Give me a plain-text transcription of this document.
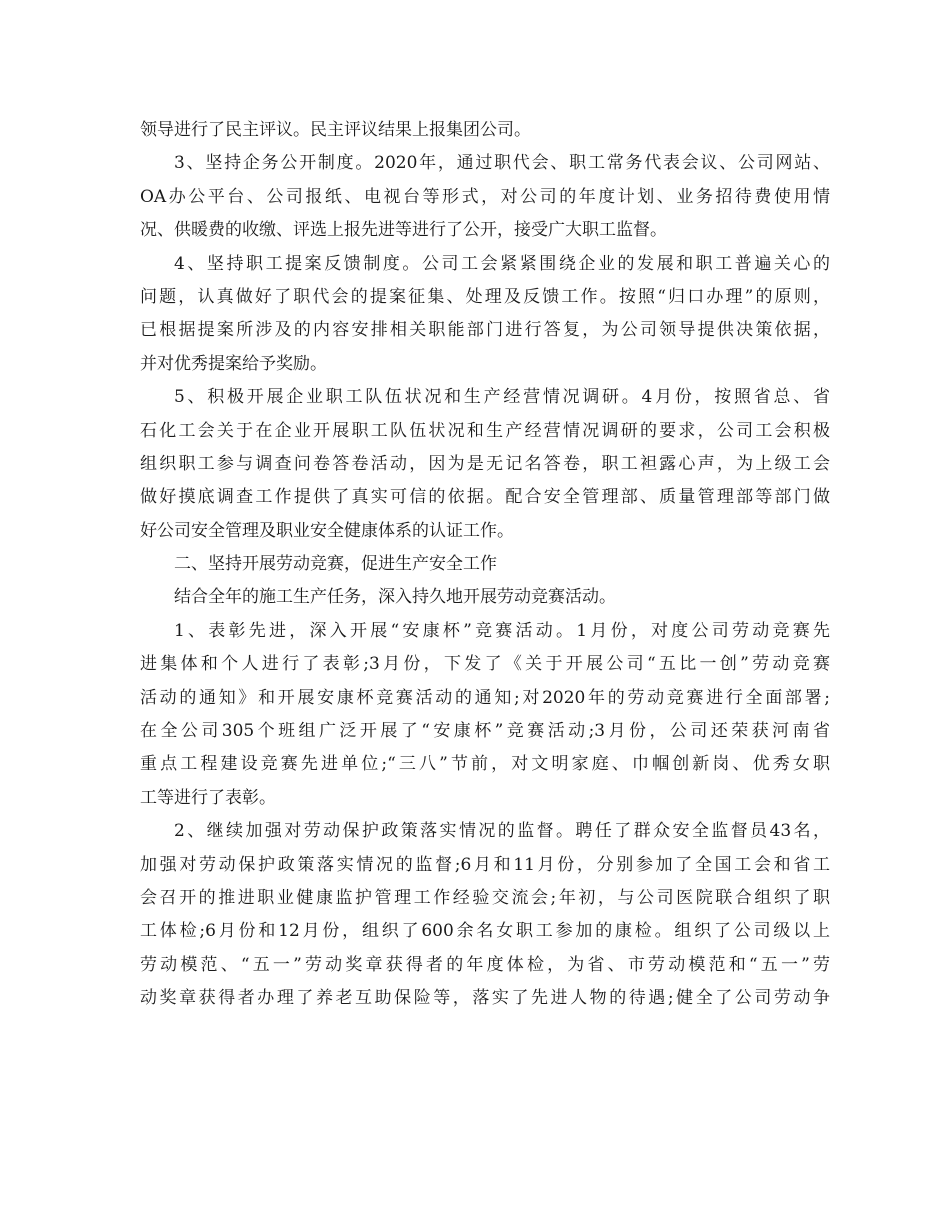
领导进行了民主评议。民主评议结果上报集团公司。
3、坚持企务公开制度。2020年，通过职代会、职工常务代表会议、公司网站、
OA办公平台、公司报纸、电视台等形式，对公司的年度计划、业务招待费使用情
况、供暖费的收缴、评选上报先进等进行了公开，接受广大职工监督。
4、坚持职工提案反馈制度。公司工会紧紧围绕企业的发展和职工普遍关心的
问题，认真做好了职代会的提案征集、处理及反馈工作。按照“归口办理”的原则，
已根据提案所涉及的内容安排相关职能部门进行答复，为公司领导提供决策依据，
并对优秀提案给予奖励。
5、积极开展企业职工队伍状况和生产经营情况调研。4月份，按照省总、省
石化工会关于在企业开展职工队伍状况和生产经营情况调研的要求，公司工会积极
组织职工参与调查问卷答卷活动，因为是无记名答卷，职工袒露心声，为上级工会
做好摸底调查工作提供了真实可信的依据。配合安全管理部、质量管理部等部门做
好公司安全管理及职业安全健康体系的认证工作。
二、坚持开展劳动竞赛，促进生产安全工作
结合全年的施工生产任务，深入持久地开展劳动竞赛活动。
1、表彰先进，深入开展“安康杯”竞赛活动。1月份，对度公司劳动竞赛先
进集体和个人进行了表彰;3月份，下发了《关于开展公司“五比一创”劳动竞赛
活动的通知》和开展安康杯竞赛活动的通知;对2020年的劳动竞赛进行全面部署;
在全公司305个班组广泛开展了“安康杯”竞赛活动;3月份，公司还荣获河南省
重点工程建设竞赛先进单位;“三八”节前，对文明家庭、巾帼创新岗、优秀女职
工等进行了表彰。
2、继续加强对劳动保护政策落实情况的监督。聘任了群众安全监督员43名，
加强对劳动保护政策落实情况的监督;6月和11月份，分别参加了全国工会和省工
会召开的推进职业健康监护管理工作经验交流会;年初，与公司医院联合组织了职
工体检;6月份和12月份，组织了600余名女职工参加的康检。组织了公司级以上
劳动模范、“五一”劳动奖章获得者的年度体检，为省、市劳动模范和“五一”劳
动奖章获得者办理了养老互助保险等，落实了先进人物的待遇;健全了公司劳动争
